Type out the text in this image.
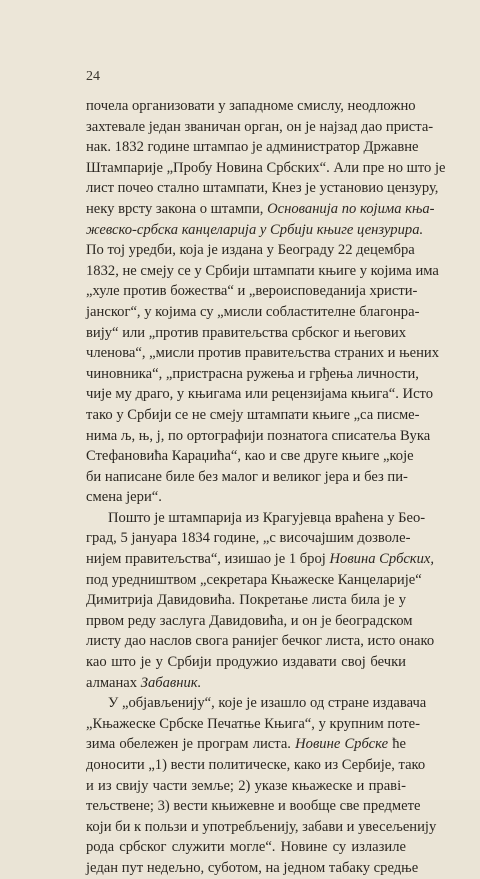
24
почела организовати у западноме смислу, неодложно
захтевале један званичан орган, он је најзад дао приста-
нак. 1832 године штампао је администратор Државне
Штампарије „Пробу Новина Србских“. Али пре но што је
лист почео стално штампати, Кнез је установио цензуру,
неку врсту закона о штампи, Основанија по којима књa-
жевско-србска канцеларија у Србији књиге цензурира.
По тој уредби, која је издана у Београду 22 децембра
1832, не смеју се у Србији штампати књиге у којима има
„хуле против божества“ и „вероисповеданија христи-
јанског“, у којима су „мисли собластителне благонра-
вију“ или „против правитељства србског и његовиx
членова“, „мисли против правитељства страних и њених
чиновника“, „пристрасна ружења и грђења личности,
чије му драго, у књигама или рецензијама књига“. Исто
тако у Србији се не смеју штампати књиге „са писме-
нима љ, њ, ј, по ортографији познатога списатеља Вука
Стефановића Караџића“, као и све друге књиге „које
би написане биле без малог и великог јера и без пи-
смена јери“.
Пошто је штампарија из Крагујевца враћена у Бео-
град, 5 јануара 1834 године, „с височајшим дозволе-
нијем правитељства“, изишао је 1 број Новина Србских,
под уредништвом „секретара Књажеске Канцеларије“
Димитрија Давидовића. Покретање листа била је у
првом реду заслуга Давидовића, и он је београдском
листу дао наслов свога ранијег бечког листа, исто онако
као што је у Србији продужио издавати свој бечки
алманах Забавник.
У „објављенију“, које је изашло од стране издавача
„Књажеске Србске Печатње Књига“, у крупним поте-
зима обележен је програм листа. Новине Србске ће
доносити „1) вести политическе, како из Сербије, тако
и из свију части земље; 2) указе књажеске и праві-
тељствене; 3) вести књижевне и вообще све предмете
који би к пользи и употребљенију, забави и увесељенију
рода србског служити могле“. Новине су излазиле
један пут недељно, суботом, на једном табаку средње
